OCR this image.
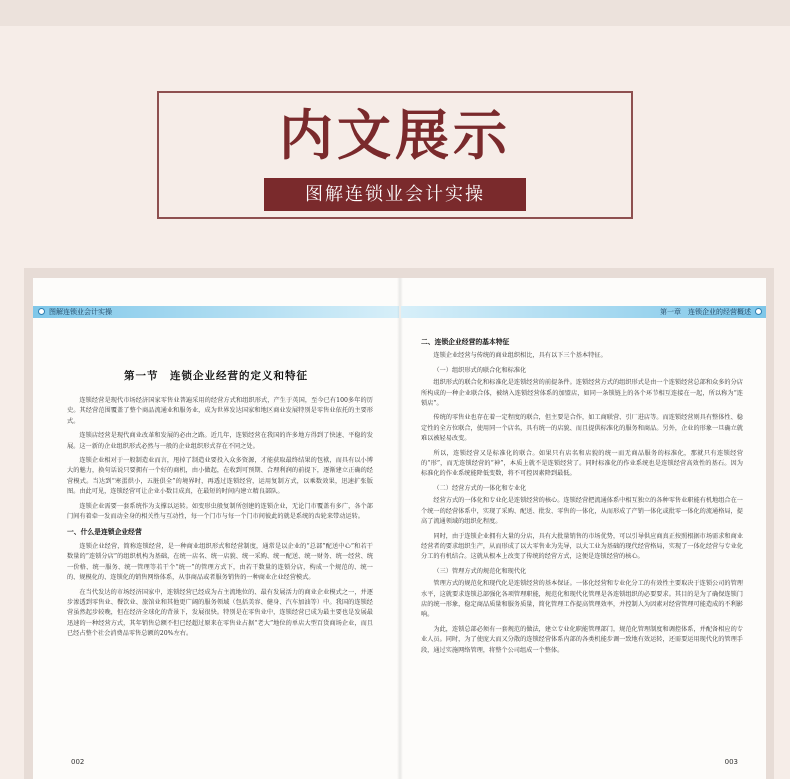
内文展示
图解连锁业会计实操
图解连锁业会计实操
第一节　连锁企业经营的定义和特征

连锁经营是现代市场经济国家零售业普遍采用的经营方式和组织形式，产生于英国，至今已有100多年的历史。其经营范围覆盖了整个商品流通业和服务业，成为世界发达国家和地区商业发展特别是零售业依托的主要形式。

连锁店经营是现代商业改革和发展的必由之路。近几年，连锁经营在我国的许多地方得到了快速、平稳的发展。这一新的企业组织形式必然与一般的企业组织形式存在不同之处。

连锁企业相对于一般制造业而言，甩掉了制造业要投入众多资源，才能获取最终结果的包袱，而具有以小博大的魅力，换句话说只要拥有一个好的商机，由小做起，在收到可预期、合理利润的前提下，逐渐建立正确的经营模式。当达到“寒蛋烘小，五脏俱全”的境界时，再透过连锁经营，运用复制方式，以乘数效果，迅速扩张版图。由此可见，连锁经营可让企业小数目成真，在最短的时间内建立精良部队。

连锁企业需要一套系统作为支撑以运转。如变形虫般复制所创建的连锁企业，无论门市覆盖有多广，各个部门间有着牵一发而动全身的相关性与互动性，每一个门市与每一个门市间彼此的就是系统的齿轮来带动运转。

一、什么是连锁企业经营

连锁企业经营，简称连锁经营，是一种商业组织形式和经营制度，通常是以企业的“总部”配送中心”和若干数量的“连锁分店”的组织机构为基础，在统一店名、统一店貌、统一采购、统一配送、统一财务、统一经营、统一价格、统一服务、统一管理等若干个“统一”的管理方式下，由若干数量的连锁分店，构成一个规范的、统一的、规模化的、连锁化的销售网络体系，从事商品或者服务销售的一种商业企业经营模式。

在当代发达的市场经济国家中，连锁经营已经成为占主流地位的、最有发展活力的商业企业模式之一，并逐步渗透到零售业、餐饮业、旅馆业和其他更广阔的服务领域（包括美容、健身、汽车加油等）中。我国的连锁经营虽然起步较晚，但在经济全球化的背景下，发展很快。特别是在零售业中，连锁经营已成为最主要也是发展最迅速的一种经营方式，其年销售总额不但已经超过原来在零售业占据“老大”地位的单店大型百货商场企业，而且已经占整个社会消费品零售总额的20%左右。

002
第一章　连锁企业的经营概述
二、连锁企业经营的基本特征

连锁企业经营与传统的商业组织相比，具有以下三个基本特征。

（一）组织形式的联合化和标准化

组织形式的联合化和标准化是连锁经营的前提条件。连锁经营方式的组织形式是由一个连锁经营总部和众多的分店所构成的一种企业联合体，被纳入连锁经营体系的加盟店，如同一条锁链上的各个环节相互连接在一起，所以称为“连锁店”。

传统的零售业也存在着一定程度的联合，但主要是合作，如工商联营、引厂进店等。而连锁经营则具有整体性、稳定性的全方位联合，使用同一个店名，具有统一的店貌、而且提供标准化的服务和商品。另外，企业的形象一旦确立就难以被轻易改变。

所以，连锁经营又是标准化的联合。如果只有店名和店貌的统一而无商品服务的标准化，那就只有连锁经营的“形”，而无连锁经营的“神”，本质上就不是连锁经营了。同时标准化的作业系统也是连锁经营高效性的基石。因为标准化的作业系统能降低变数，将不可控因素降到最低。

（二）经营方式的一体化和专业化

经营方式的一体化和专业化是连锁经营的核心。连锁经营把流通体系中相互独立的各种零售业职能有机地组合在一个统一的经营体系中，实现了采购、配送、批发、零售的一体化，从而形成了产销一体化或批零一体化的流通格局，提高了流通领域的组织化程度。

同时，由于连锁企业拥有大量的分店，具有大批量销售的市场优势，可以引导供应商真正按照根据市场需求和商业经营者的要求组织生产，从而形成了以大零售业为先导，以大工业为基础的现代经营格局，实现了一体化经营与专业化分工的有机结合。这就从根本上改变了传统的经营方式，这便是连锁经营的核心。

（三）管理方式的规范化和现代化

管理方式的规范化和现代化是连锁经营的基本保证。一体化经营和专业化分工的有效性主要取决于连锁公司的管理水平，这就要求连锁总部强化各项管理职能，规范化和现代化管理是各连锁组织的必要要求。其目的是为了确保连锁门店的统一形象，稳定商品质量和服务质量，简化管理工作提高管理效率，并控制人为因素对经营管理可能造成的不利影响。

为此，连锁总部必须有一套规范的做法，建立专业化职能管理部门，规范化管理制度和调控体系，并配备相应的专业人员。同时，为了使庞大而又分散的连锁经营体系内部的各类机能步调一致地有效运转，还需要运用现代化的管理手段，通过实施网络管理，将整个公司组成一个整体。

003
